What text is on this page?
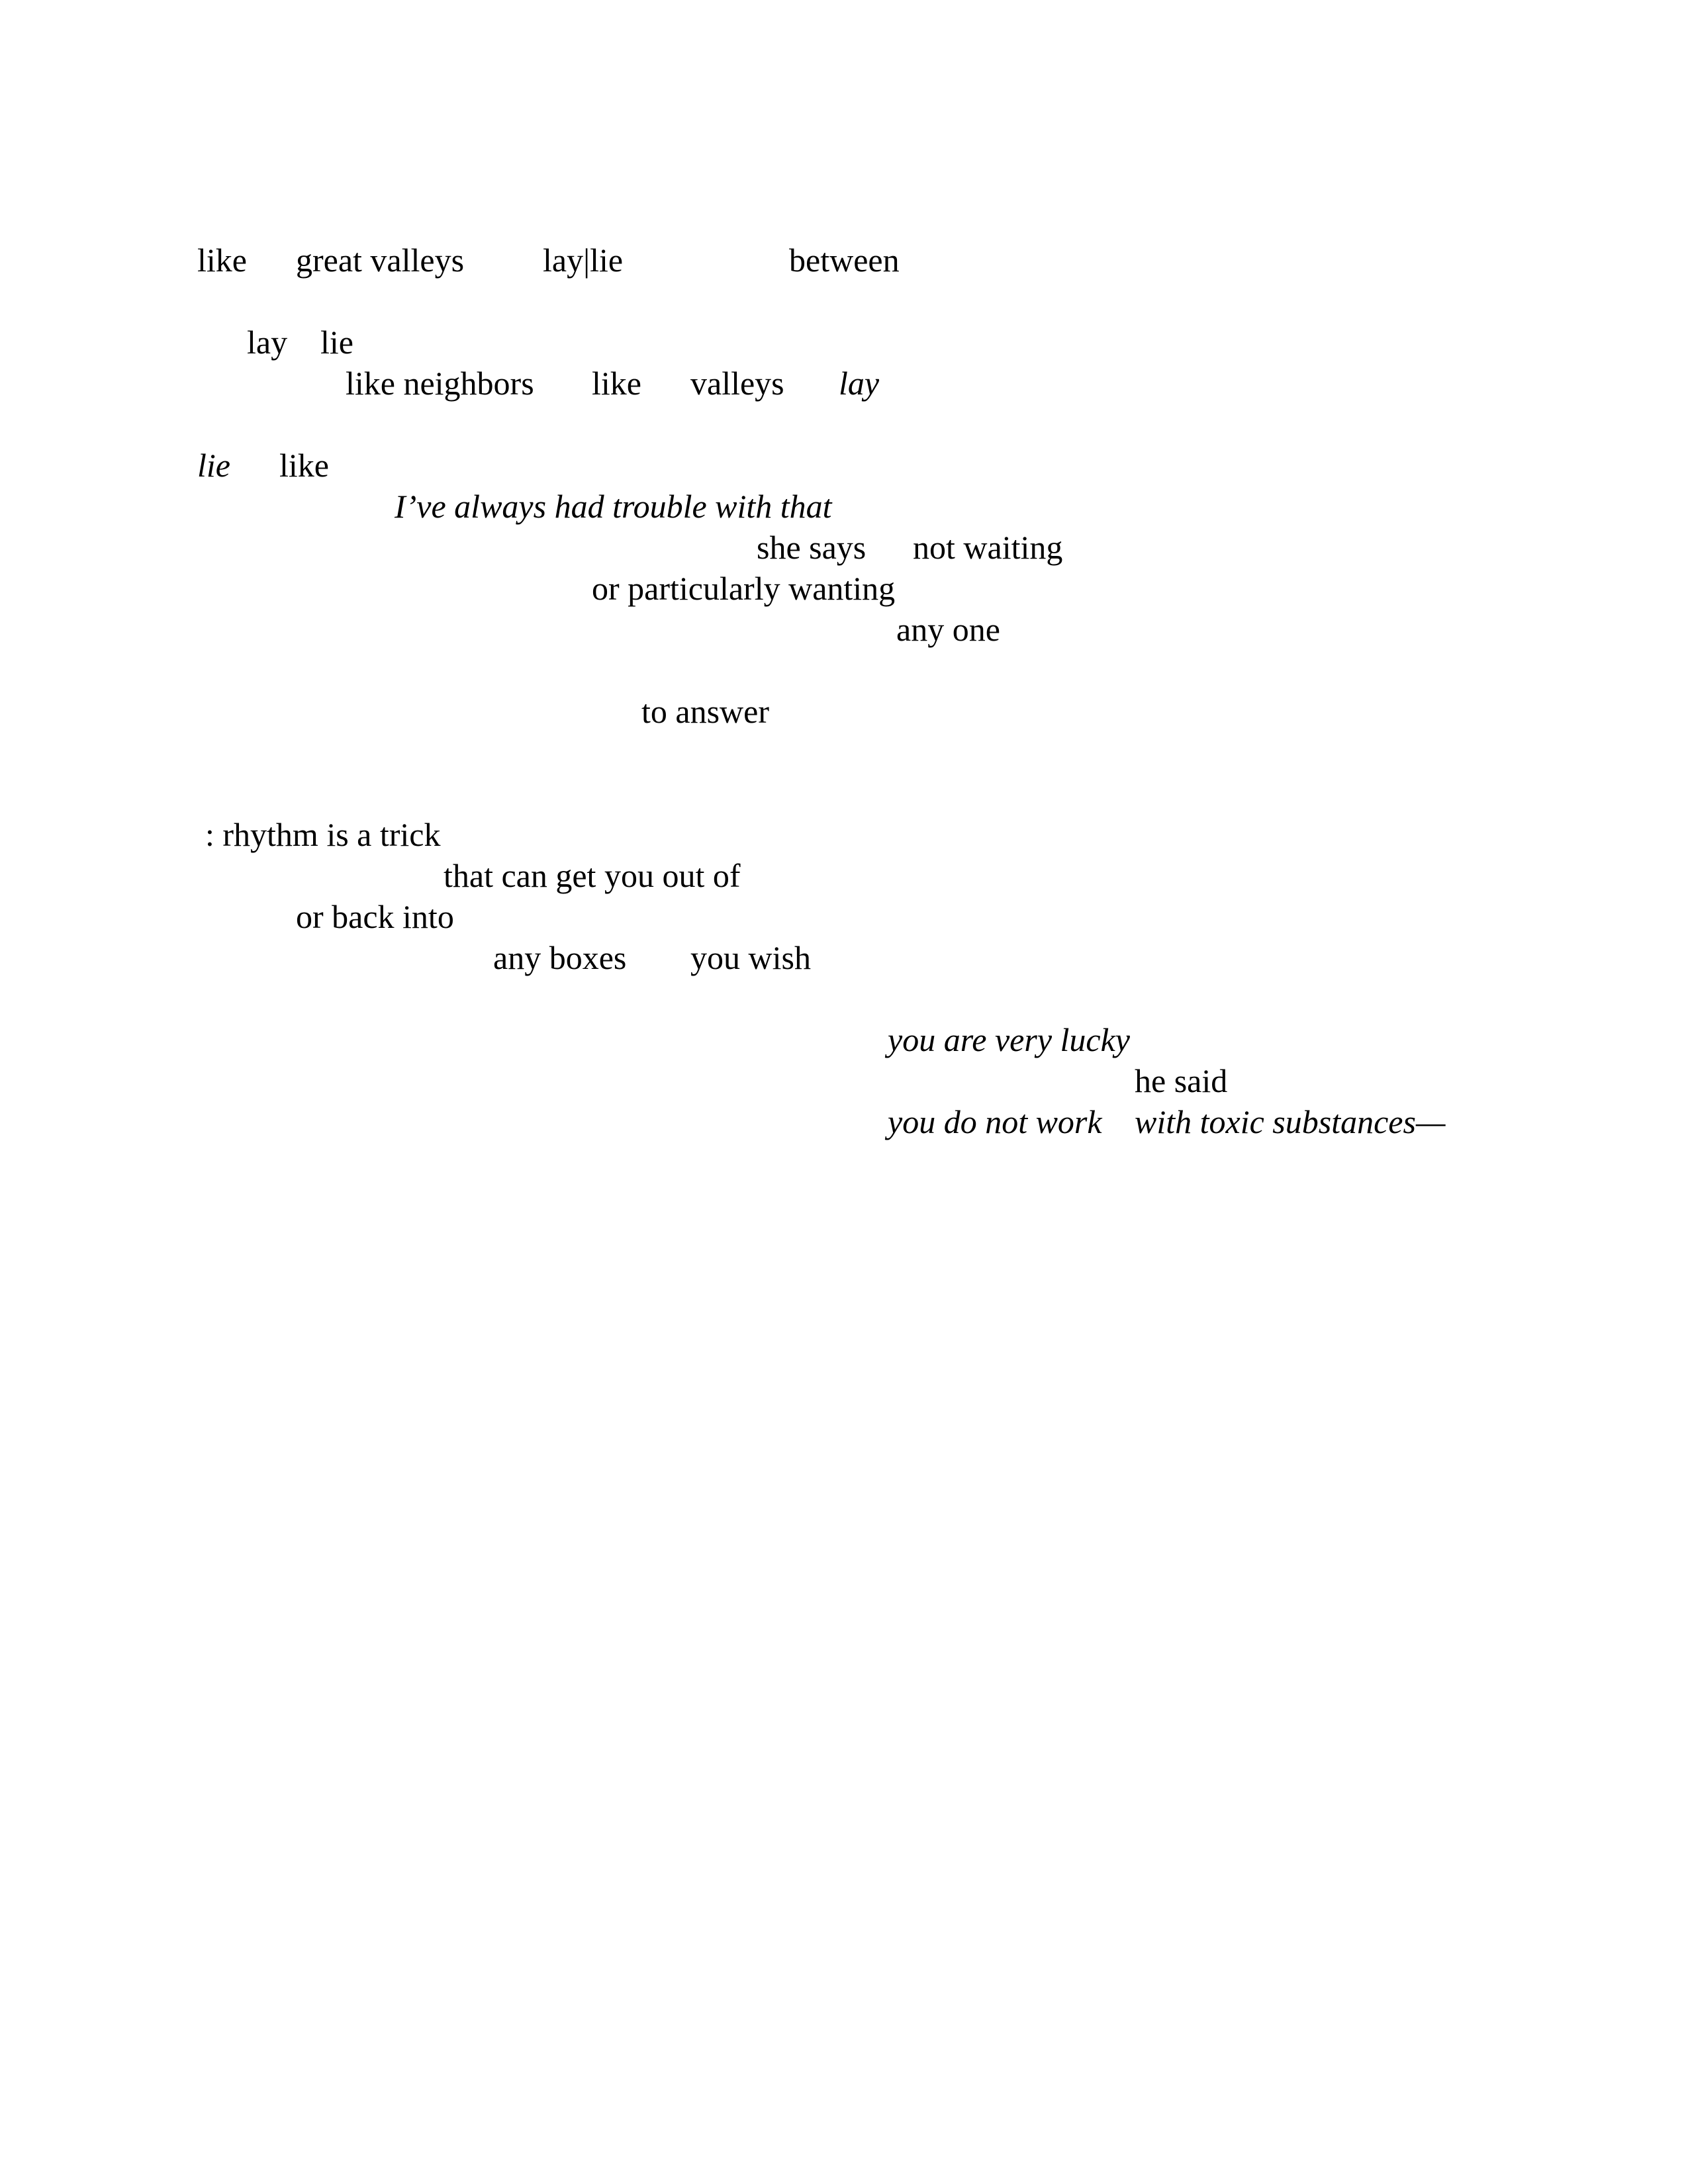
like great valleys lay|lie	between
lay lie
like neighbors like valleys lay
lie like
I’ve always had trouble with that
she says not waiting
or particularly wanting
any one
to answer
: rhythm is a trick
that can get you out of
or back into
any boxes you wish
you are very lucky
he said
you do not work with toxic substances—
